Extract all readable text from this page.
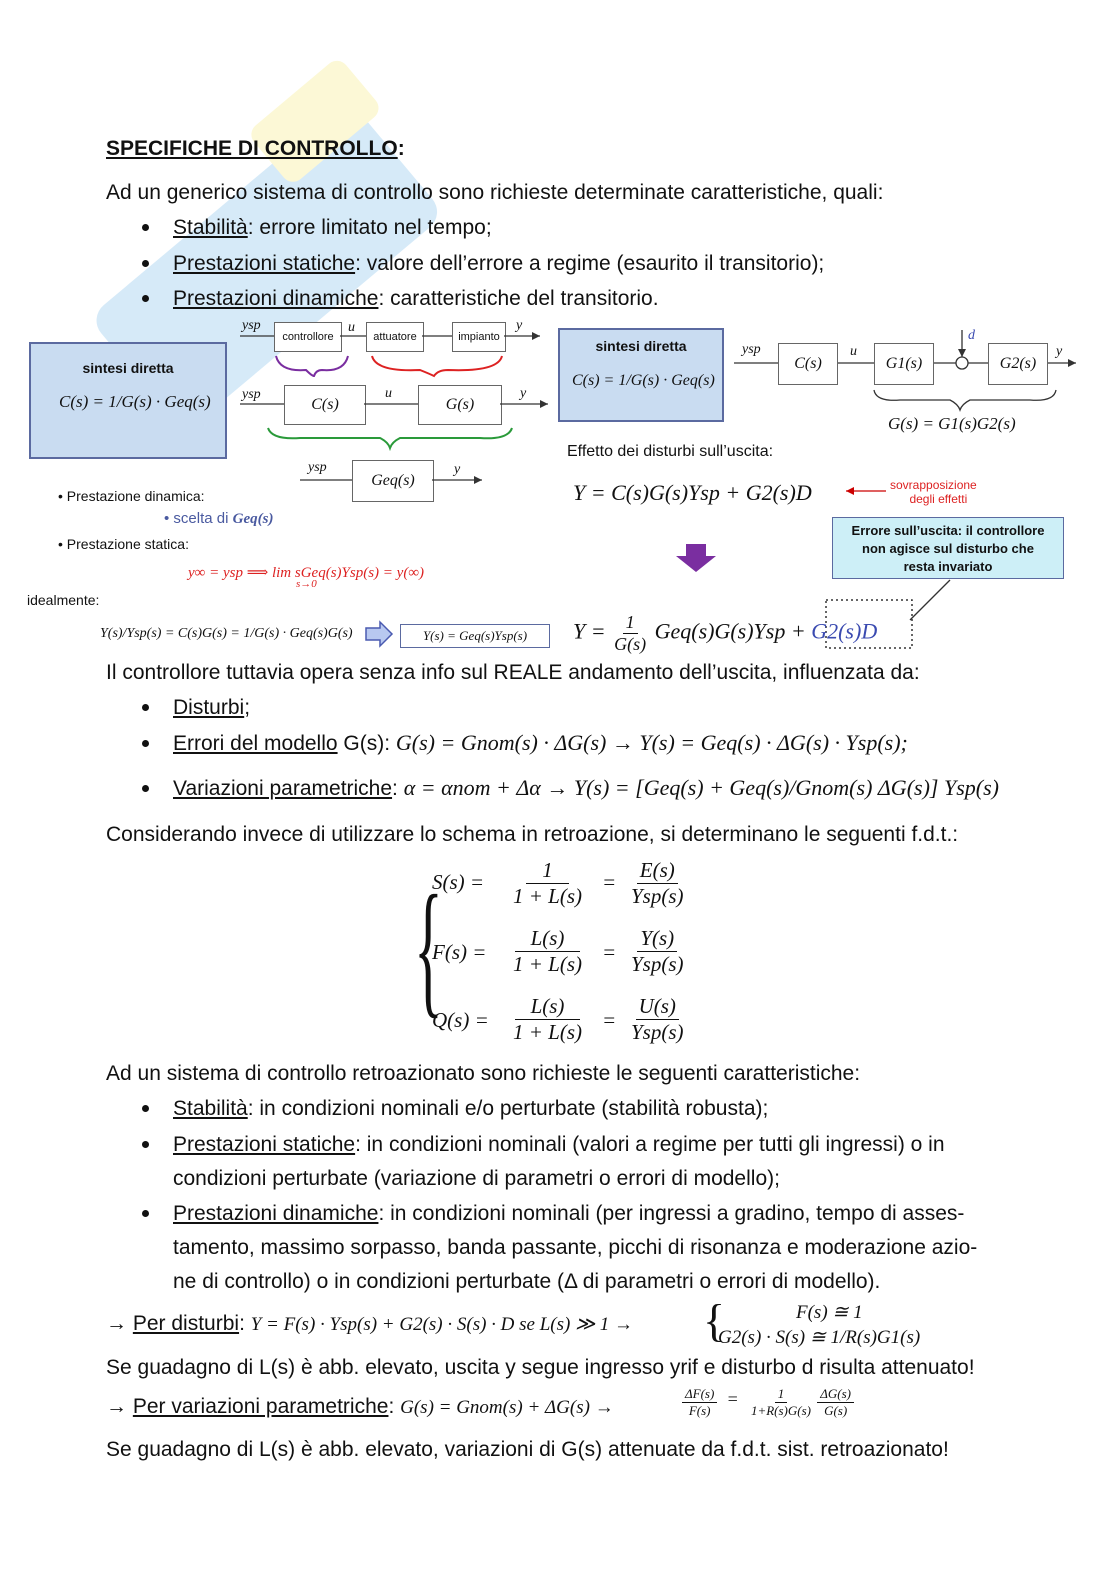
SPECIFICHE DI CONTROLLO:
Ad un generico sistema di controllo sono richieste determinate caratteristiche, quali:
Stabilità: errore limitato nel tempo;
Prestazioni statiche: valore dell’errore a regime (esaurito il transitorio);
Prestazioni dinamiche: caratteristiche del transitorio.
sintesi diretta
C(s) = 1/G(s) · Geq(s)
ysp
controllore
u
attuatore	impianto
y
ysp
C(s)
u
G(s)
y
ysp
Geq(s)
y
• Prestazione dinamica:
• scelta di Geq(s)
• Prestazione statica:
y∞ = ysp ⟹ lim sGeq(s)Ysp(s) = y(∞)
s→0
idealmente:
Y(s)/Ysp(s) = C(s)G(s) = 1/G(s) · Geq(s)G(s)	Y(s) = Geq(s)Ysp(s)
sintesi diretta
C(s) = 1/G(s) · Geq(s)
ysp
C(s)
u
G1(s)
d
G2(s)
y
G(s) = G1(s)G2(s)
Effetto dei disturbi sull’uscita:
Y = C(s)G(s)Ysp + G2(s)D	sovrapposizione
degli effetti
Errore sull’uscita: il controllore
non agisce sul disturbo che
resta invariato
$Y = \frac{1}{G(s)} Geq(s)G(s)Ysp + G2(s)D$
Il controllore tuttavia opera senza info sul REALE andamento dell’uscita, influenzata da:
Disturbi;
Errori del modello G(s): G(s) = Gnom(s) · ΔG(s) → Y(s) = Geq(s) · ΔG(s) · Ysp(s);
Variazioni parametriche: α = αnom + Δα → Y(s) = [Geq(s) + Geq(s)/Gnom(s) ΔG(s)] Ysp(s)
Considerando invece di utilizzare lo schema in retroazione, si determinano le seguenti f.d.t.:
{
$S(s) = \frac{1}{1 + L(s)} = \frac{E(s)}{\text{Ysp(s)}}$
$F(s) = \frac{L(s)}{1 + L(s)} = \frac{Y(s)}{\text{Ysp(s)}}$
$Q(s) = \frac{L(s)}{1 + L(s)} = \frac{U(s)}{\text{Ysp(s)}}$
Ad un sistema di controllo retroazionato sono richieste le seguenti caratteristiche:
Stabilità: in condizioni nominali e/o perturbate (stabilità robusta);
Prestazioni statiche: in condizioni nominali (valori a regime per tutti gli ingressi) o in
condizioni perturbate (variazione di parametri o errori di modello);
Prestazioni dinamiche: in condizioni nominali (per ingressi a gradino, tempo di asses-
tamento, massimo sorpasso, banda passante, picchi di risonanza e moderazione azio-
ne di controllo) o in condizioni perturbate (Δ di parametri o errori di modello).
→ Per disturbi: Y = F(s) · Ysp(s) + G2(s) · S(s) · D se L(s) ≫ 1 → {	F(s) ≅ 1
G2(s) · S(s) ≅ 1/R(s)G1(s)
Se guadagno di L(s) è abb. elevato, uscita y segue ingresso yrif e disturbo d risulta attenuato!
→ Per variazioni parametriche: G(s) = Gnom(s) + ΔG(s) →	$\frac{\Delta F(s)}{F(s)} = \frac{1}{1+R(s)G(s)}$
$\frac{\Delta G(s)}{G(s)}$
Se guadagno di L(s) è abb. elevato, variazioni di G(s) attenuate da f.d.t. sist. retroazionato!
